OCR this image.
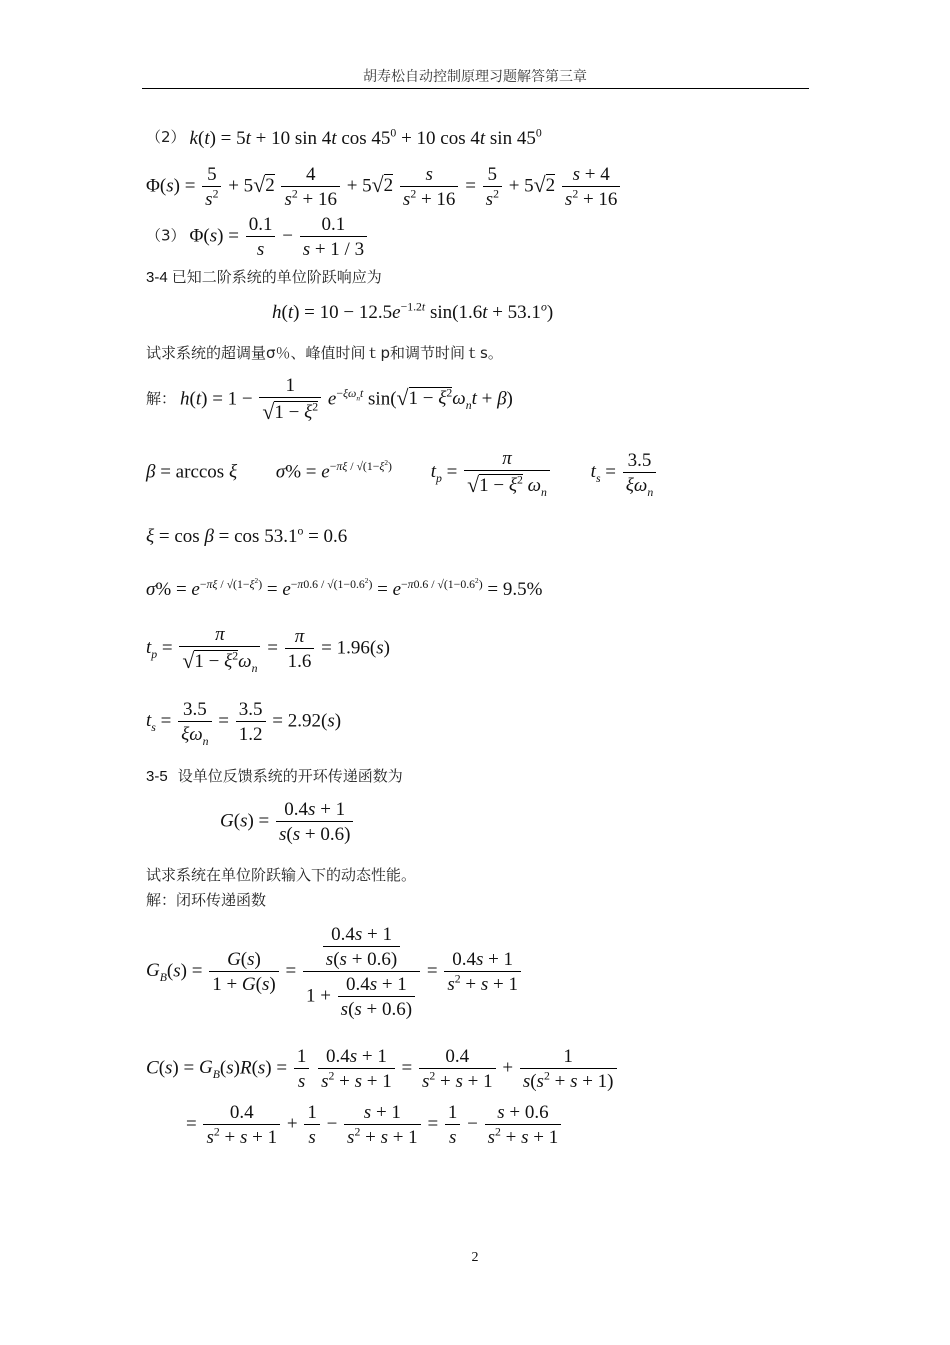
胡寿松自动控制原理习题解答第三章
（2） k(t) = 5t + 10 sin 4t $\cos 45^0 + 10$ cos 4t $\sin 45^0$
$\Phi(s) = \frac{5}{s^2} + 5√2 \frac{4}{s^2 + 16} + 5√2 \frac{s}{s^2 + 16} = \frac{5}{s^2} + 5√2 \frac{s + 4}{s^2 + 16}$
（3） $\Phi(s) = \frac{0.1}{s} - \frac{0.1}{s + 1 / 3}$
3-4 已知二阶系统的单位阶跃响应为
$h(t) = 10 - 12.5e^{-1.2t}$ $\sin(1.6t + 53.1^o)$
试求系统的超调量σ％、峰值时间ｔp和调节时间ｔs。
解： $h(t) = 1 - \frac{1}{√1 - \xi^2} e^{-\xi\omega_nt}$ $\sin(√1 - \xi^2\omega_nt + \beta)$
β = arccos ξ $\sigma\% = e^{-\pi\xi / √(1-\xi^2)}$ $t_p = \frac{\pi}{√1 - \xi^2 \omega_n} t_s = \frac{3.5}{\xi\omega_n}$
$\xi = \cos \beta = \cos 53.1^o = 0.6$
$\sigma\% = e^{-\pi\xi / √(1-\xi^2)} = e^{-\pi 0.6 / √(1-0.6^2)} = e^{-\pi 0.6 / √(1-0.6^2)} = 9.5\%$
$t_p = \frac{\pi}{√1 - \xi^2\omega_n} = \frac{\pi}{1.6} = 1.96(s)$
$t_s = \frac{3.5}{\xi\omega_n} = \frac{3.5}{1.2} = 2.92(s)$
3-5 设单位反馈系统的开环传递函数为
$G(s) = \frac{0.4s + 1}{s(s + 0.6)}$
试求系统在单位阶跃输入下的动态性能。
解：闭环传递函数
$G_B(s) = \frac{G(s)}{1 + G(s)} = \frac{\frac{0.4s + 1}{s(s + 0.6)}}{1 + \frac{0.4s + 1}{s(s + 0.6)}} = \frac{0.4s + 1}{s^2 + s + 1}$
$C(s) = G_B(s)R(s) = \frac{1}{s}$
$\frac{0.4s + 1}{s^2 + s + 1} = \frac{0.4}{s^2 + s + 1} + \frac{1}{s(s^2 + s + 1)}$
= $\frac{0.4}{s^2 + s + 1} + \frac{1}{s} - \frac{s + 1}{s^2 + s + 1} = \frac{1}{s} - \frac{s + 0.6}{s^2 + s + 1}$
2
